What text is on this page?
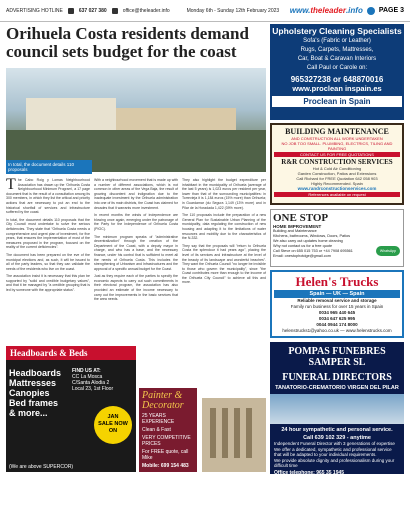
ADVERTISING HOTLINE	637 027 380	office@theleader.info	Monday 6th - Sunday 12th February 2023	www.theleader.info PAGE 3
Orihuela Costa residents demand council sets budget for the coast
In total, the document details 110 proposals

The Cabo Roig y Lomas Neighbourhood Association has drawn up the 'Orihuela Costa Neighbourhood Minimum Program', a 17 page document that is the result of a consultation among its 300 members, in which they list the critical and priority actions that are necessary to put an end to the historical shortfall of services and infrastructure suffered by the coast.

In total, the document details 110 proposals that the City Council must undertake to solve the serious deficiencies. They state that "Orihuela Costa needs a comprehensive and urgent plan of investment, for five years, that ensures the implementation of most of the measures proposed in the program, focused on the reality of the current deficiencies".

The document has been prepared on the eve of the municipal elections and, as such, it will be issued to all of the party leaders, so that they can validate the needs of the residents who live on the coast.

The association insist it is necessary that this plan be supported by "solid and credible budgetary values", and that it be managed by "a credible grouping that is led by someone with the appropriate status".

With a neighbourhood movement that is made up with a number of different associations, which is not common in other areas of the Vega Baja, the result of growing discontent and indignation due to the inadequate investment by the Orihuela administration into one of its main districts, the Coast has claimed for decades that it warrants more investment.

In recent months the winds of independence are blowing once again, emerging under the patronage of the Party for the Independence of Orihuela Costa (PIOC).

The minimum program speaks of "administrative decentralization" through the creation of the Department of the Coast, with a deputy mayor in charge, and who has a base, and the necessary finance, under his control that is sufficient to meet all the needs of Orihuela Costa. This includes the strengthening of Urbanism and Infrastructures and the approval of a specific annual budget for the Coast.

Just as they require each of the parties to specify the economic aspects to carry out such commitments in their electoral program, the association has also provided an estimate of the income necessary to carry out the improvements in the basic services that the area needs.

They also highlight the budget expenditure per inhabitant in the municipality of Orihuela (average of the last 5 years) is 1,023 euros per resident per year, lower than that of the surrounding municipalities: in Torrevieja it is 1,184 euros (15% more) than Orihuela; in Guardamar (du Segura 1,149 (13% more) and in Pilar de la Horadada 1,422 (39% more).

The 110 proposals include the preparation of a new General Plan for Sustainable Urban Planning of the municipality, data regulating the construction of new housing and adapting it to the limitations of water resources and mobility due to the characteristics of the N-332.

They say that the proposals will "return to Orihuela Costa the splendour it had years ago", placing the level of its services and infrastructure at the level of the beauty of its landscape and wonderful beaches". They want the Orihuela Council "no longer be invisible to those who govern the municipality", since "the Coast contributes more than enough to the income of the Orihuela City Council" to achieve all this and more.

Headboards & Beds
Headboards
Mattresses
Canopies
Bed frames
& more...
FIND US AT:
CC La Mosca
C/Santa Alodia 2
Local 23, 1st Floor
JAN
SALE NOW
ON
(We are above SUPERCOR)
Painter &
Decorator
25 YEARS EXPERIENCE
Clean & Fast
VERY COMPETITIVE PRICES
For FREE quote, call Mike
Mobile: 699 154 483
Upholstery Cleaning Specialists
Sofa's (Fabric or Leather)
Rugs, Carpets, Mattresses,
Car, Boat & Caravan Interiors
Call Paul or Carole on:
965327238 or 648870016
www.proclean inspain.es
Proclean in Spain
BUILDING MAINTENANCE
AND CONSTRUCTION ALL WORK UNDERTAKEN
NO JOB TOO SMALL. PLUMBING, ELECTRICS, TILING AND PAINTING
CONTACT US FOR FREE QUOTATIONS
R&R CONSTRUCTION SERVICES
Hot & Cold Air Conditioning
Garden Construction, Patios and Extensions
Call Richard for FREE Quotation 642 058 903
Highly Recommended. Spain
www.randrconstructionservices.com
References available on request
ONE STOP
HOME IMPROVEMENT
Building and Maintenance
Kitchens, bathrooms, Windows, Doors, Patios
We also carry out updates home cleaning
Why not contact us for a free quote
Call Steve on 655 015 753 or +44 7908 695561
Email: onestophotdge@gmail.com
WhatsApp
Helen's Trucks
Spain — UK — Spain
Reliable removal service and storage
Family run business for over 15 years in Spain
0034 965 440 645
0034 647 625 995
0044 0944 174 8000
helenstrucks1@yahoo.co.uk — www.helenstrucks.com
POMPAS FUNEBRES SAMPER SL
FUNERAL DIRECTORS
TANATORIO-CREMATORIO VIRGEN DEL PILAR
24 hour sympathetic and personal service.
Call 639 102 329 - anytime
Independent Funeral Director with 3 generations of expertise
We offer a dedicated, sympathetic and professional service that will be adapted to your individual requirements.
We provide absolute dignity and professionalism during your difficult time
Office telephone: 965 35 1945
Email: info@samper.com
Calle Ciervo Sotelo 10. 03190 PILAR DE LA HORADADA
www.pfsamper.com
